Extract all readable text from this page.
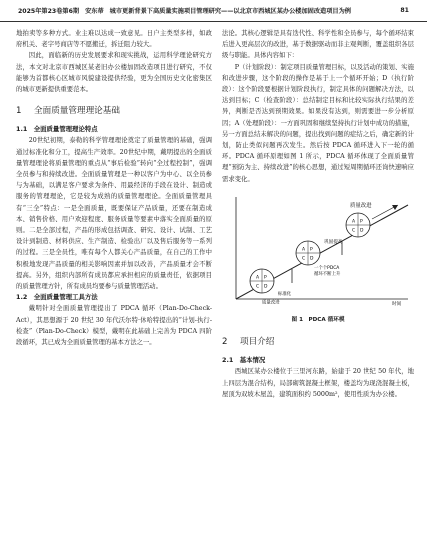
2025年第23卷第6期 安东蒂 城市更新背景下高质量实施项目管理研究——以北京市西城区某办公楼加固改造项目为例	81

地拍卖等多种方式。业主难以达成一致意见。日户主类型多样，如政府机关、老字号商店等不愿搬迁，拆迁阻力较大。

因此，面临新的历史发展要求和现实挑战，运用科学理论研究方法，本文对北京市西城区某老旧办公楼加固改造项目进行研究，不仅能够为首都核心区城市风貌建设提供经验，更为全国历史文化密集区的城市更新提供重要范本。

1 全面质量管理理论基础
1.1　全面质量管理理论特点

20世纪初期，泰勒的科学管理理论奠定了质量管理的基础，强调通过标准化和分工，提高生产效率。20世纪中期，戴明提出的全面质量管理理论将质量管理的重点从“事后检验”转向“全过程控制”，强调全员参与和持续改进。全面质量管理是一种以客户为中心、以全员参与为基础，以满足客户要求为条件、用最经济的手段在设计、制造或服务的管理理论，它是较为成熟的质量管理理论。全面质量管理具有“三全”特点：一是全面质量，既要保证产品质量，还要在制造成本、销售价格、用户欢迎程度、服务质量等要素中落实全面质量的原则。二是全部过程，产品的形成包括调查、研究、设计、试制、工艺设计到制造、材料供应、生产制造、检验出厂以及售后服务等一系列的过程。三是全员性，唯有每个人都关心产品质量，在自己的工作中积极地发现产品质量的相关影响因素并加以改善，产品质量才会不断提高。另外，组织内部所有成员都应承担相应的质量责任，依据项目的质量管理方针，所有成员均要参与质量管理活动。

1.2　全面质量管理工具方法

戴明针对全面质量管理提出了 PDCA 循环（Plan-Do-Check-Act），其思想源于 20 世纪 30 年代沃尔特·休哈特提出的“计划-执行-检查”（Plan-Do-Check）模型，戴明在此基础上完善为 PDCA 四阶段循环，其已成为全面质量管理的基本方法之一。

法论。其核心逻辑是具有迭代性、科学性和全员参与，每个循环结束后进入更高层次的改进，基于数据驱动而非主观判断，覆盖组织各层级与职能。具体内容如下：

P（计划阶段）：制定项目质量管理目标，以及活动的策划、实施和改进步骤，这个阶段的操作是基于上一个循环开始；D（执行阶段）：这个阶段要根据计划阶段执行，制定具体的问题解决方法，以达到目标；C（检查阶段）：总结制定目标和比较实际执行结果的差异，判断是否达到预期效果。如果没有达到，则需要进一步分析原因；A（处理阶段）：一方面巩固和继续坚持执行计划中成功的措施，另一方面总结未解决的问题，提出找到问题的症结之后，确定新的计划，防止类似问题再次发生。然后按 PDCA 循环进入下一轮的循环。PDCA 循环原理如图 1 所示，PDCA 循环体现了全面质量管理“预防为主、持续改进”的核心思想，通过短周期循环还询快速响应需求变化。

质量改进
A P
C D
A P
C D
A P
C D
巩固提高
一个个PDCA
循环不断上升
标准化
质量改进	时间
图 1　PDCA 循环模
2 项目介绍
2.1　基本情况

西城区某办公楼位于三里河东路，始建于 20 世纪 50 年代，地上四层为混合结构，局部砌筑混凝土框架，楼盖均为现浇混凝土板，屋顶为双坡木屋盖，建筑面积约 5000m²，使用性质为办公楼。
